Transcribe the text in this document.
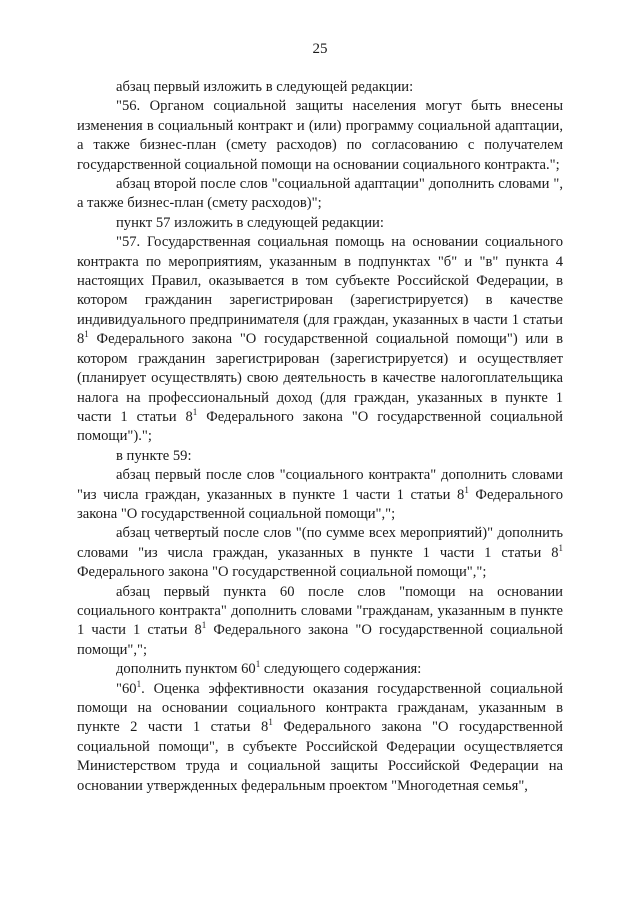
25

абзац первый изложить в следующей редакции:

"56. Органом социальной защиты населения могут быть внесены изменения в социальный контракт и (или) программу социальной адаптации, а также бизнес-план (смету расходов) по согласованию с получателем государственной социальной помощи на основании социального контракта.";

абзац второй после слов "социальной адаптации" дополнить словами ", а также бизнес-план (смету расходов)";

пункт 57 изложить в следующей редакции:

"57. Государственная социальная помощь на основании социального контракта по мероприятиям, указанным в подпунктах "б" и "в" пункта 4 настоящих Правил, оказывается в том субъекте Российской Федерации, в котором гражданин зарегистрирован (зарегистрируется) в качестве индивидуального предпринимателя (для граждан, указанных в части 1 статьи $8^1$ Федерального закона "О государственной социальной помощи") или в котором гражданин зарегистрирован (зарегистрируется) и осуществляет (планирует осуществлять) свою деятельность в качестве налогоплательщика налога на профессиональный доход (для граждан, указанных в пункте 1 части 1 статьи $8^1$ Федерального закона "О государственной социальной помощи").";

в пункте 59:

абзац первый после слов "социального контракта" дополнить словами "из числа граждан, указанных в пункте 1 части 1 статьи $8^1$ Федерального закона "О государственной социальной помощи",";

абзац четвертый после слов "(по сумме всех мероприятий)" дополнить словами "из числа граждан, указанных в пункте 1 части 1 статьи $8^1$ Федерального закона "О государственной социальной помощи",";

абзац первый пункта 60 после слов "помощи на основании социального контракта" дополнить словами "гражданам, указанным в пункте 1 части 1 статьи $8^1$ Федерального закона "О государственной социальной помощи",";

дополнить пунктом $60^1$ следующего содержания:

"$60^1$. Оценка эффективности оказания государственной социальной помощи на основании социального контракта гражданам, указанным в пункте 2 части 1 статьи $8^1$ Федерального закона "О государственной социальной помощи", в субъекте Российской Федерации осуществляется Министерством труда и социальной защиты Российской Федерации на основании утвержденных федеральным проектом "Многодетная семья",
